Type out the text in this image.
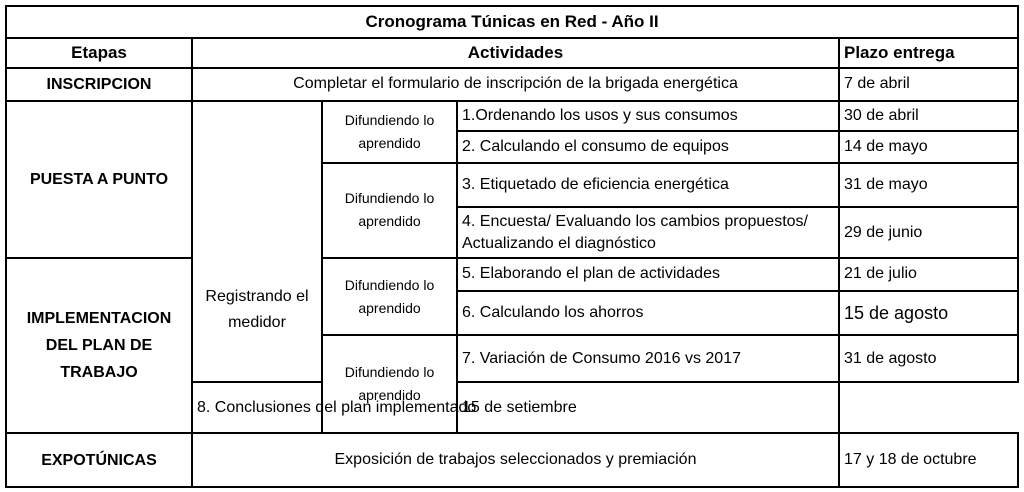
Cronograma Túnicas en Red - Año II				
Etapas	Actividades			Plazo entrega
INSCRIPCION	Completar el formulario de inscripción de la brigada energética			7 de abril
PUESTA A PUNTO	Registrando el medidor	Difundiendo lo aprendido	1.Ordenando los usos y sus consumos	30 de abril
			2. Calculando el consumo de equipos	14 de mayo
		Difundiendo lo aprendido	3. Etiquetado de eficiencia energética	31 de mayo
			4. Encuesta/ Evaluando los cambios propuestos/ Actualizando el diagnóstico	29 de junio

IMPLEMENTACION DEL PLAN DE TRABAJO		Difundiendo lo aprendido	5. Elaborando el plan de actividades	21 de julio
			6. Calculando los ahorros	15 de agosto
		Difundiendo lo aprendido	7. Variación de Consumo 2016 vs 2017	31 de agosto
	8. Conclusiones del plan implementado		15 de setiembre	
EXPOTÚNICAS	Exposición de trabajos seleccionados y premiación			17 y 18 de octubre
